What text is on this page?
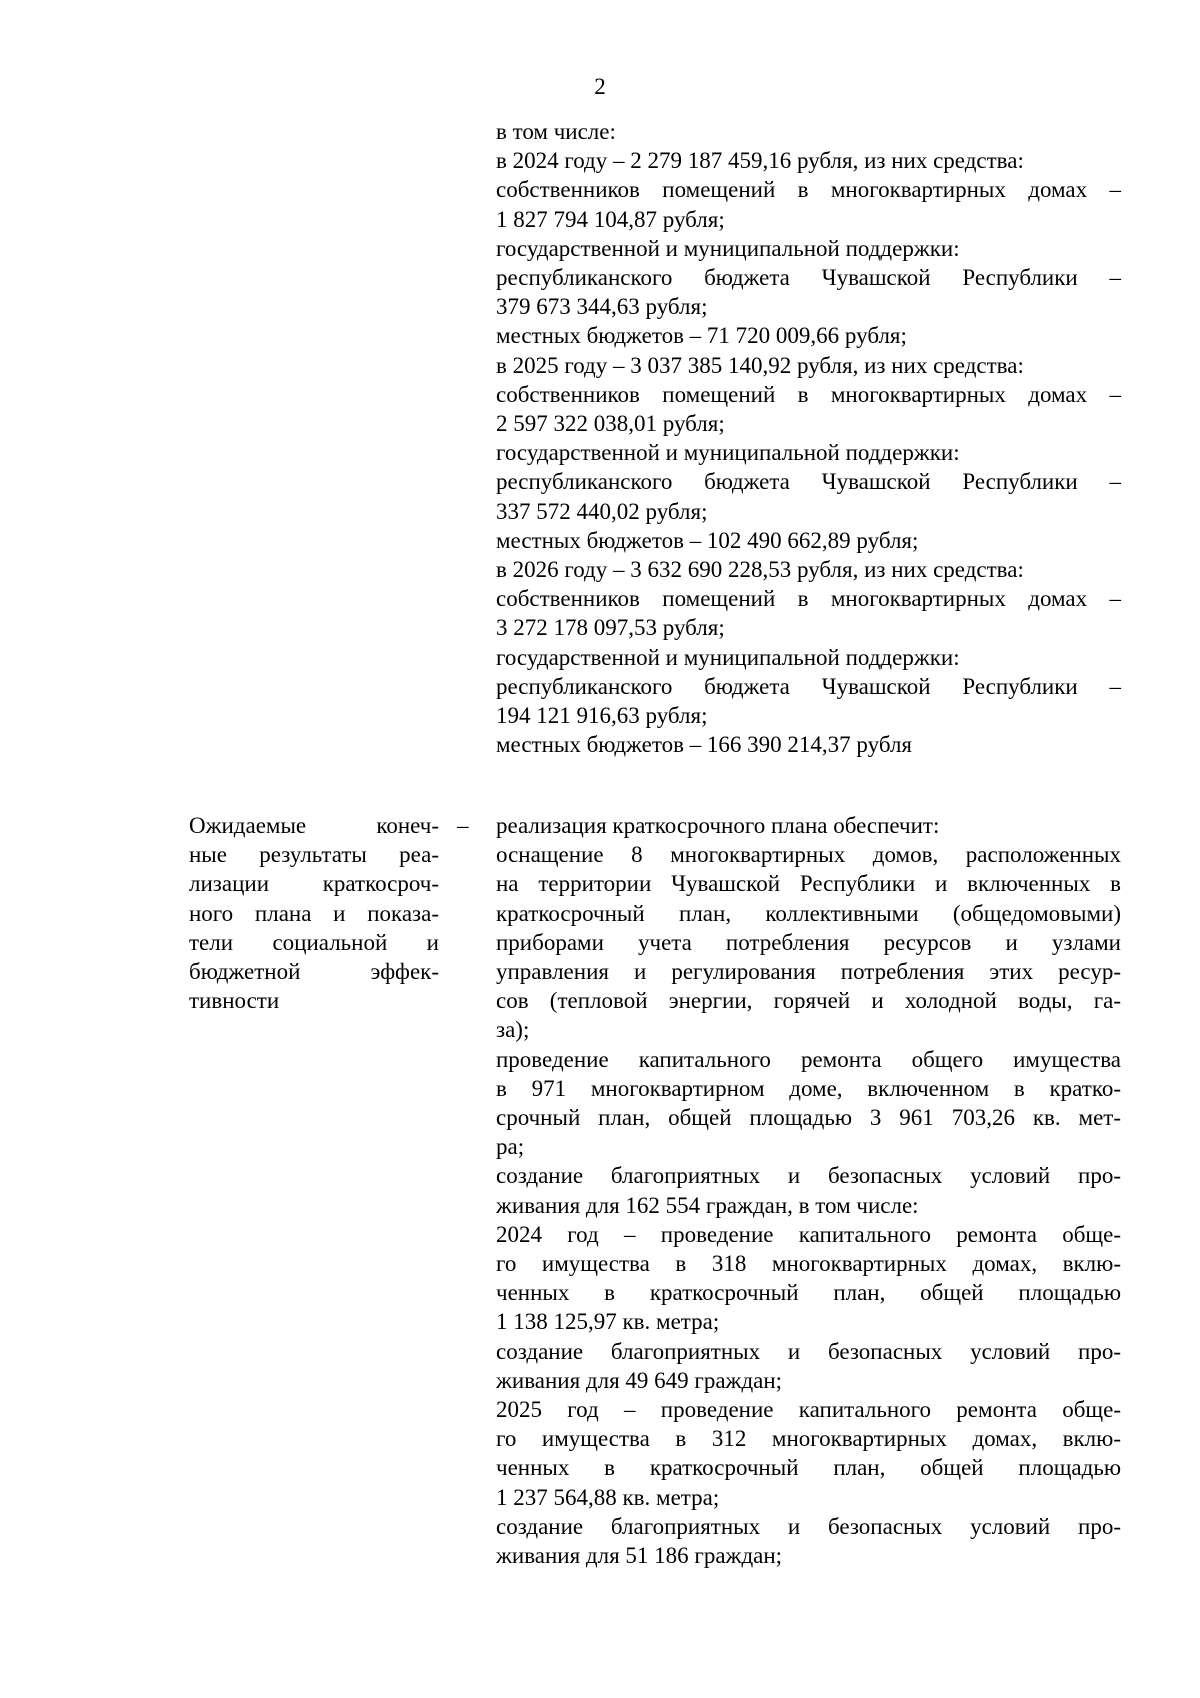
2

в том числе:

в 2024 году – 2 279 187 459,16 рубля, из них средства:

собственников помещений в многоквартирных домах –

1 827 794 104,87 рубля;

государственной и муниципальной поддержки:

республиканского бюджета Чувашской Республики –

379 673 344,63 рубля;

местных бюджетов – 71 720 009,66 рубля;

в 2025 году – 3 037 385 140,92 рубля, из них средства:

собственников помещений в многоквартирных домах –

2 597 322 038,01 рубля;

государственной и муниципальной поддержки:

республиканского бюджета Чувашской Республики –

337 572 440,02 рубля;

местных бюджетов – 102 490 662,89 рубля;

в 2026 году – 3 632 690 228,53 рубля, из них средства:

собственников помещений в многоквартирных домах –

3 272 178 097,53 рубля;

государственной и муниципальной поддержки:

республиканского бюджета Чувашской Республики –

194 121 916,63 рубля;

местных бюджетов – 166 390 214,37 рубля

Ожидаемые конеч-

ные результаты реа-

лизации краткосроч-

ного плана и показа-

тели социальной и

бюджетной эффек-

тивности

– реализация краткосрочного плана обеспечит:

оснащение 8 многоквартирных домов, расположенных

на территории Чувашской Республики и включенных в

краткосрочный план, коллективными (общедомовыми)

приборами учета потребления ресурсов и узлами

управления и регулирования потребления этих ресур-

сов (тепловой энергии, горячей и холодной воды, га-

за);

проведение капитального ремонта общего имущества

в 971 многоквартирном доме, включенном в кратко-

срочный план, общей площадью 3 961 703,26 кв. мет-

ра;

создание благоприятных и безопасных условий про-

живания для 162 554 граждан, в том числе:

2024 год – проведение капитального ремонта обще-

го имущества в 318 многоквартирных домах, вклю-

ченных в краткосрочный план, общей площадью

1 138 125,97 кв. метра;

создание благоприятных и безопасных условий про-

живания для 49 649 граждан;

2025 год – проведение капитального ремонта обще-

го имущества в 312 многоквартирных домах, вклю-

ченных в краткосрочный план, общей площадью

1 237 564,88 кв. метра;

создание благоприятных и безопасных условий про-

живания для 51 186 граждан;
